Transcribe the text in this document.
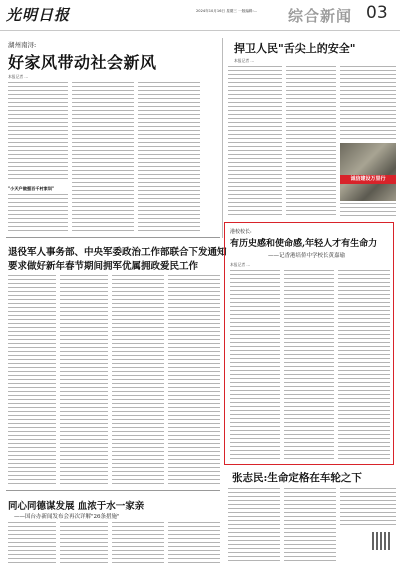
光明日报	2024年10月16日 星期三 一版编辑:... 综合新闻 03
湖州南浔:
好家风带动社会新风
本报记者 ...
"小天户做强百千村家训"
捍卫人民"舌尖上的安全"
本报记者 ...
诚信建设万里行
退役军人事务部、中央军委政治工作部联合下发通知
要求做好新年春节期间拥军优属拥政爱民工作
港校校长:
有历史感和使命感,年轻人才有生命力
——记香港培侨中学校长黄嘉瑜
本报记者 ...
同心同德谋发展 血浓于水一家亲
——国台办新闻发布会再次详解"26条措施"
张志民:生命定格在车轮之下
